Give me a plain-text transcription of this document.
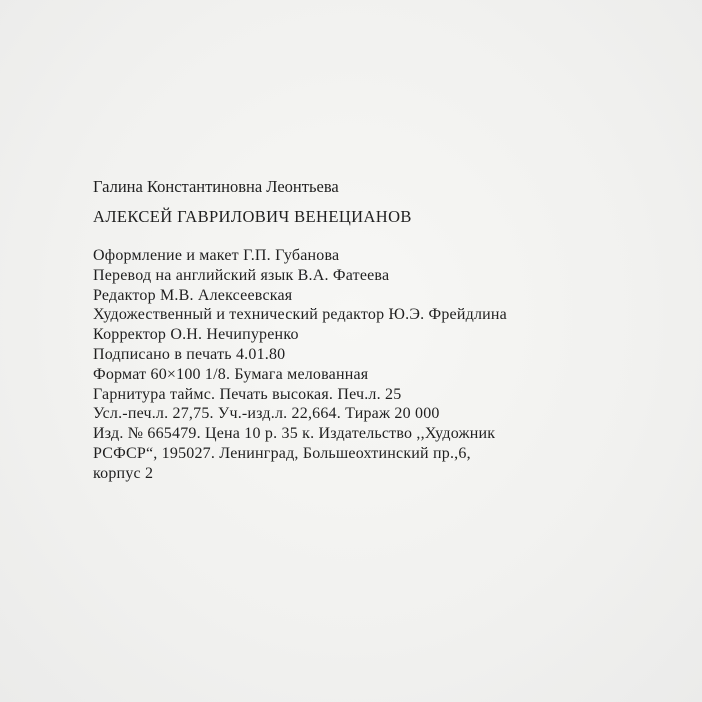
Галина Константиновна Леонтьева
АЛЕКСЕЙ ГАВРИЛОВИЧ ВЕНЕЦИАНОВ
Оформление и макет Г.П. Губанова
Перевод на английский язык В.А. Фатеева
Редактор М.В. Алексеевская
Художественный и технический редактор Ю.Э. Фрейдлина
Корректор О.Н. Нечипуренко
Подписано в печать 4.01.80
Формат 60×100 1/8. Бумага мелованная
Гарнитура таймс. Печать высокая. Печ.л. 25
Усл.-печ.л. 27,75. Уч.-изд.л. 22,664. Тираж 20 000
Изд. № 665479. Цена 10 р. 35 к. Издательство ,,Художник
РСФСР“, 195027. Ленинград, Большеохтинский пр.,6,
корпус 2
